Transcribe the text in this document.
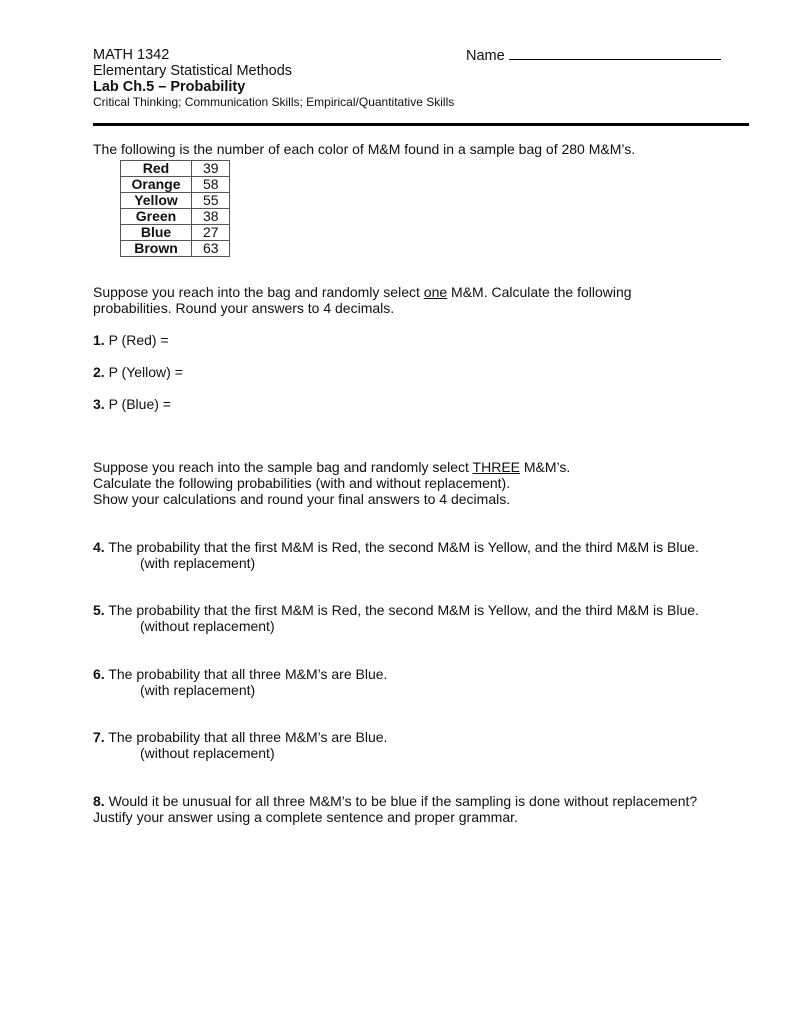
MATH 1342	Name
Elementary Statistical Methods
Lab Ch.5 – Probability
Critical Thinking; Communication Skills; Empirical/Quantitative Skills
The following is the number of each color of M&M found in a sample bag of 280 M&M’s.
Red	39
Orange	58
Yellow	55
Green	38
Blue	27
Brown	63
Suppose you reach into the bag and randomly select one M&M. Calculate the following
probabilities. Round your answers to 4 decimals.
1. P (Red) =
2. P (Yellow) =
3. P (Blue) =
Suppose you reach into the sample bag and randomly select THREE M&M’s.
Calculate the following probabilities (with and without replacement).
Show your calculations and round your final answers to 4 decimals.
4. The probability that the first M&M is Red, the second M&M is Yellow, and the third M&M is Blue.
(with replacement)
5. The probability that the first M&M is Red, the second M&M is Yellow, and the third M&M is Blue.
(without replacement)
6. The probability that all three M&M’s are Blue.
(with replacement)
7. The probability that all three M&M’s are Blue.
(without replacement)
8. Would it be unusual for all three M&M’s to be blue if the sampling is done without replacement?
Justify your answer using a complete sentence and proper grammar.
